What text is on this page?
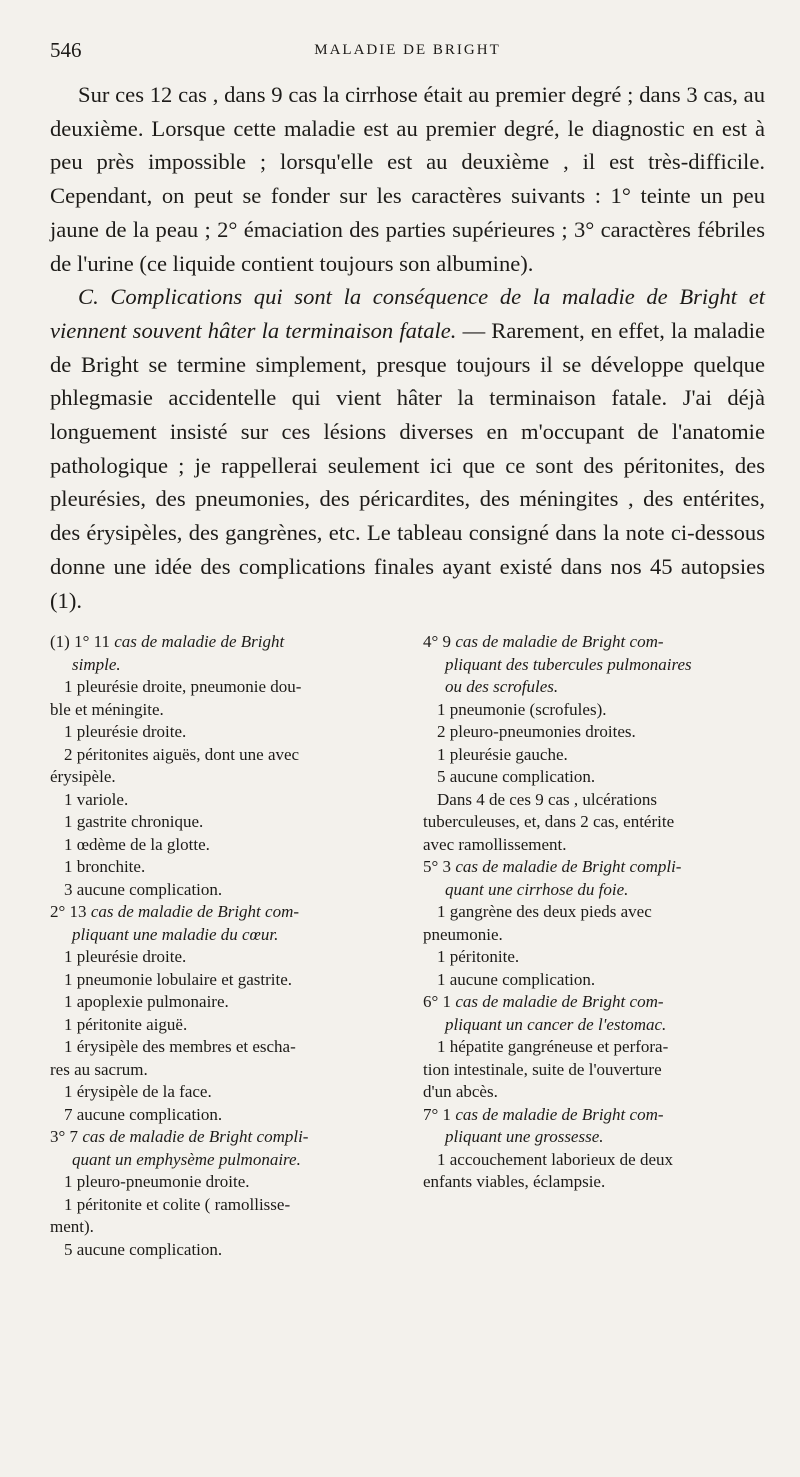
546	MALADIE DE BRIGHT

Sur ces 12 cas , dans 9 cas la cirrhose était au premier degré ; dans 3 cas, au deuxième. Lorsque cette maladie est au premier degré, le diagnostic en est à peu près impossible ; lorsqu'elle est au deuxième , il est très-difficile. Cependant, on peut se fonder sur les caractères suivants : 1° teinte un peu jaune de la peau ; 2° émaciation des parties supérieures ; 3° caractères fébriles de l'urine (ce liquide contient toujours son albumine).

C. Complications qui sont la conséquence de la maladie de Bright et viennent souvent hâter la terminaison fatale. — Rarement, en effet, la maladie de Bright se termine simplement, presque toujours il se développe quelque phlegmasie accidentelle qui vient hâter la terminaison fatale. J'ai déjà longuement insisté sur ces lésions diverses en m'occupant de l'anatomie pathologique ; je rappellerai seulement ici que ce sont des péritonites, des pleurésies, des pneumonies, des péricardites, des méningites , des entérites, des érysipèles, des gangrènes, etc. Le tableau consigné dans la note ci-dessous donne une idée des complications finales ayant existé dans nos 45 autopsies (1).

(1) 1° 11 cas de maladie de Bright
simple.
1 pleurésie droite, pneumonie dou-
ble et méningite.
1 pleurésie droite.
2 péritonites aiguës, dont une avec
érysipèle.
1 variole.
1 gastrite chronique.
1 œdème de la glotte.
1 bronchite.
3 aucune complication.
2° 13 cas de maladie de Bright com-
pliquant une maladie du cœur.
1 pleurésie droite.
1 pneumonie lobulaire et gastrite.
1 apoplexie pulmonaire.
1 péritonite aiguë.
1 érysipèle des membres et escha-
res au sacrum.
1 érysipèle de la face.
7 aucune complication.
3° 7 cas de maladie de Bright compli-
quant un emphysème pulmonaire.
1 pleuro-pneumonie droite.
1 péritonite et colite ( ramollisse-
ment).
5 aucune complication.
4° 9 cas de maladie de Bright com-
pliquant des tubercules pulmonaires
ou des scrofules.
1 pneumonie (scrofules).
2 pleuro-pneumonies droites.
1 pleurésie gauche.
5 aucune complication.
Dans 4 de ces 9 cas , ulcérations
tuberculeuses, et, dans 2 cas, entérite
avec ramollissement.
5° 3 cas de maladie de Bright compli-
quant une cirrhose du foie.
1 gangrène des deux pieds avec
pneumonie.
1 péritonite.
1 aucune complication.
6° 1 cas de maladie de Bright com-
pliquant un cancer de l'estomac.
1 hépatite gangréneuse et perfora-
tion intestinale, suite de l'ouverture
d'un abcès.
7° 1 cas de maladie de Bright com-
pliquant une grossesse.
1 accouchement laborieux de deux
enfants viables, éclampsie.
